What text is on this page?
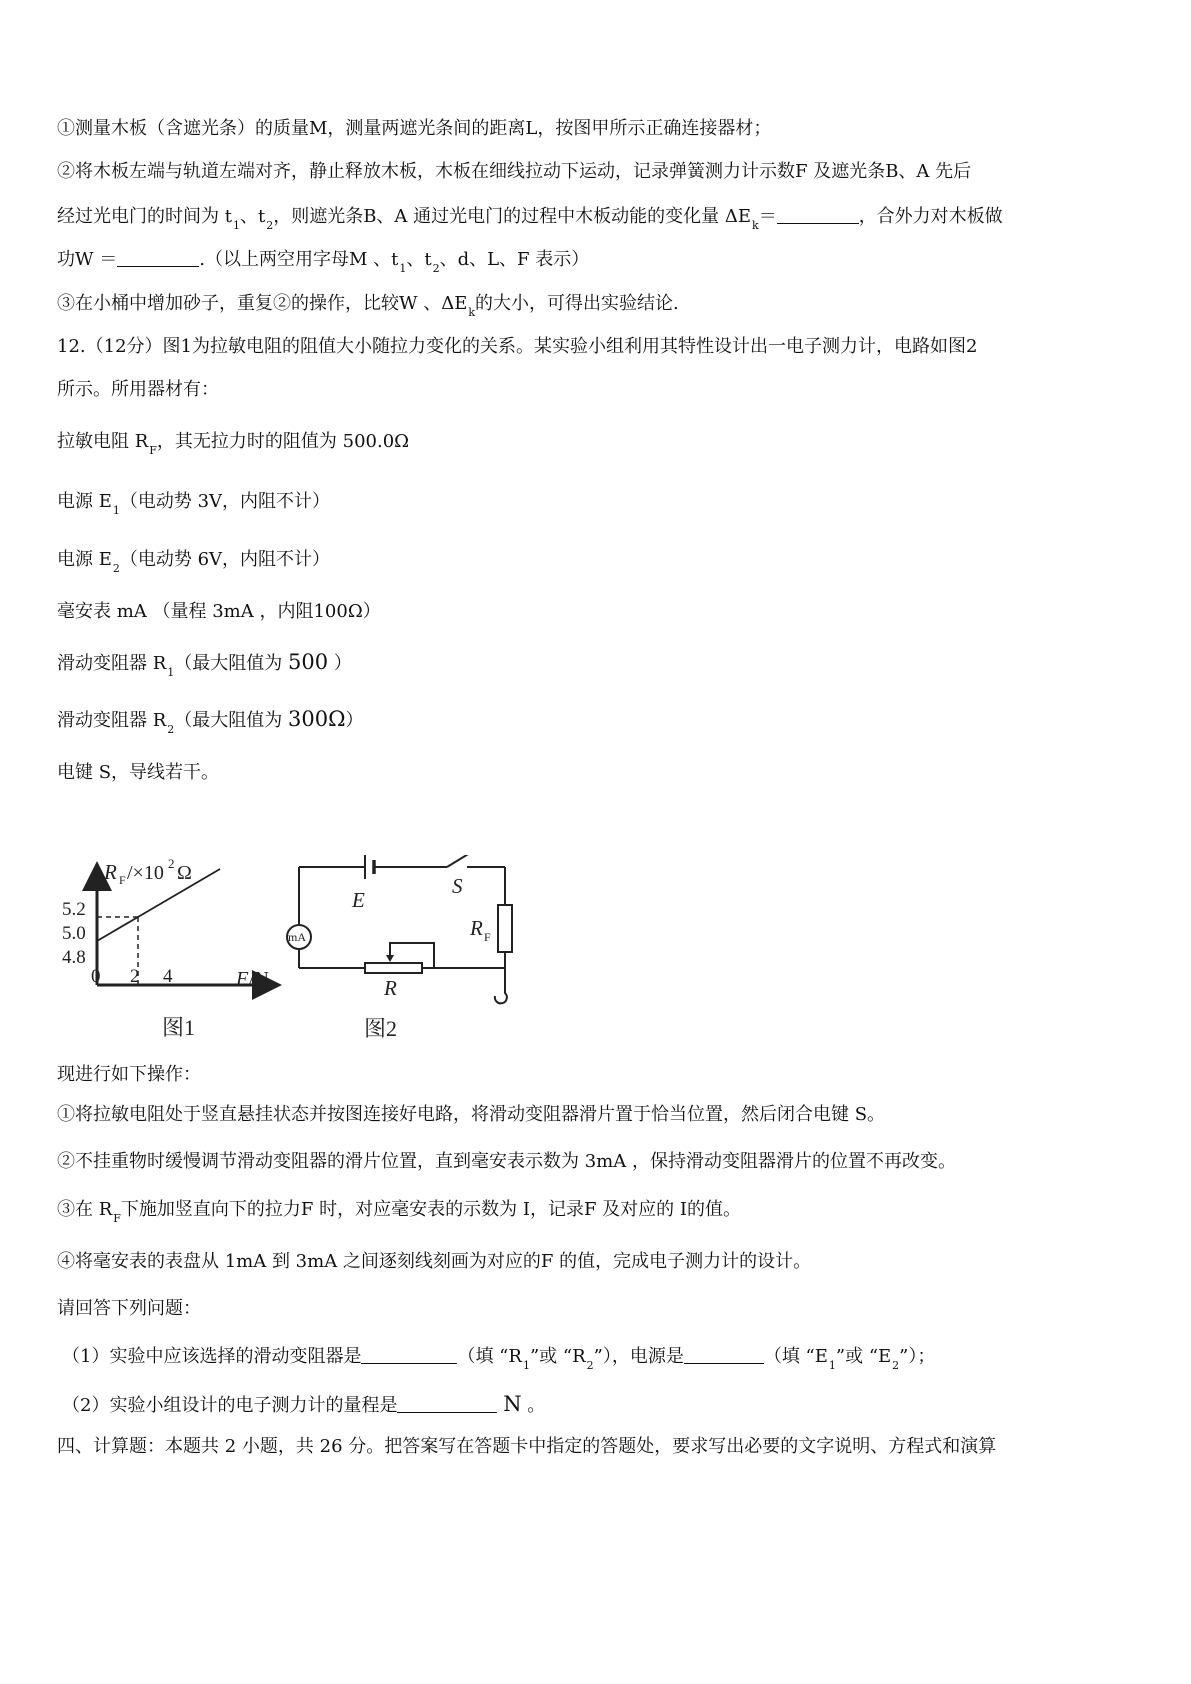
①测量木板（含遮光条）的质量M，测量两遮光条间的距离L，按图甲所示正确连接器材；
②将木板左端与轨道左端对齐，静止释放木板，木板在细线拉动下运动，记录弹簧测力计示数F 及遮光条B、A 先后
经过光电门的时间为 $t_1$、$t_2$，则遮光条B、A 通过光电门的过程中木板动能的变化量 $\Delta E_k=$	，合外力对木板做
功W ＝	.（以上两空用字母M 、$t_1$、$t_2$、d、L、F 表示）
③在小桶中增加砂子，重复②的操作，比较W 、$\Delta E_k$的大小，可得出实验结论.
12.（12分）图1为拉敏电阻的阻值大小随拉力变化的关系。某实验小组利用其特性设计出一电子测力计，电路如图2
所示。所用器材有：
拉敏电阻 $R_F$，其无拉力时的阻值为 500.0Ω
电源 $E_1$（电动势 3V，内阻不计）
电源 $E_2$（电动势 6V，内阻不计）
毫安表 mA （量程 3mA ，内阻100Ω）
滑动变阻器 $R_1$（最大阻值为 500 ）
滑动变阻器 $R_2$（最大阻值为 300Ω）
电键 S，导线若干。
R F /×10 2 Ω
5.2
5.0
4.8
0 2 4	F /N
图1
E
S
R F
mA
R
图2
现进行如下操作：
①将拉敏电阻处于竖直悬挂状态并按图连接好电路，将滑动变阻器滑片置于恰当位置，然后闭合电键 S。
②不挂重物时缓慢调节滑动变阻器的滑片位置，直到毫安表示数为 3mA ，保持滑动变阻器滑片的位置不再改变。
③在 $R_F$下施加竖直向下的拉力F 时，对应毫安表的示数为 I，记录F 及对应的 I的值。
④将毫安表的表盘从 1mA 到 3mA 之间逐刻线刻画为对应的F 的值，完成电子测力计的设计。
请回答下列问题：
（1）实验中应该选择的滑动变阻器是	（填 “$R_1$”或 “$R_2$”），电源是	（填 “$E_1$”或 “$E_2$”）；
（2）实验小组设计的电子测力计的量程是	N 。
四、计算题：本题共 2 小题，共 26 分。把答案写在答题卡中指定的答题处，要求写出必要的文字说明、方程式和演算
